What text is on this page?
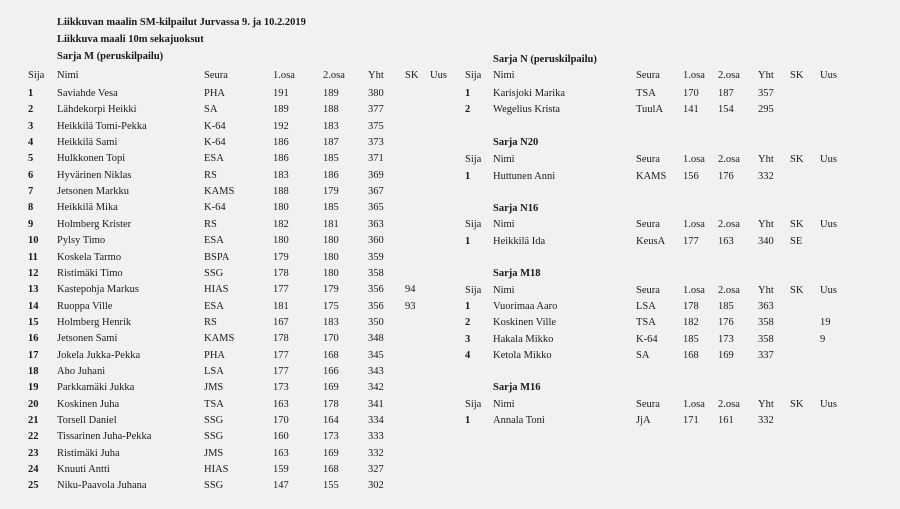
Liikkuvan maalin SM-kilpailut Jurvassa 9. ja 10.2.2019
Liikkuva maali 10m sekajuoksut
Sarja M (peruskilpailu)
Sija Nimi	Seura	1.osa	2.osa Yht SK Uus
1 Saviahde Vesa	PHA	191	189	380
2 Lähdekorpi Heikki	SA	189	188	377
3 Heikkilä Tomi-Pekka	K-64	192	183	375
4 Heikkilä Sami	K-64	186	187	373
5 Hulkkonen Topi	ESA	186	185	371
6 Hyvärinen Niklas	RS	183	186	369
7 Jetsonen Markku	KAMS	188	179	367
8 Heikkilä Mika	K-64	180	185	365
9 Holmberg Krister	RS	182	181	363
10 Pylsy Timo	ESA	180	180	360
11 Koskela Tarmo	BSPA	179	180	359
12 Ristimäki Timo	SSG	178	180	358
13 Kastepohja Markus	HIAS	177	179	356 94
14 Ruoppa Ville	ESA	181	175	356 93
15 Holmberg Henrik	RS	167	183	350
16 Jetsonen Sami	KAMS	178	170	348
17 Jokela Jukka-Pekka	PHA	177	168	345
18 Aho Juhani	LSA	177	166	343
19 Parkkamäki Jukka	JMS	173	169	342
20 Koskinen Juha	TSA	163	178	341
21 Torsell Daniel	SSG	170	164	334
22 Tissarinen Juha-Pekka	SSG	160	173	333
23 Ristimäki Juha	JMS	163	169	332
24 Knuuti Antti	HIAS	159	168	327
25 Niku-Paavola Juhana	SSG	147	155	302
Sarja N (peruskilpailu)
Sija Nimi	Seura 1.osa 2.osa Yht SK Uus
1 Karisjoki Marika	TSA	170 187 357
2 Wegelius Krista	TuulA 141 154 295
Sarja N20
Sija Nimi	Seura 1.osa 2.osa Yht SK Uus
1 Huttunen Anni	KAMS 156 176 332
Sarja N16
Sija Nimi	Seura 1.osa 2.osa Yht SK Uus
1 Heikkilä Ida	KeusA 177 163 340 SE
Sarja M18
Sija Nimi	Seura 1.osa 2.osa Yht SK Uus
1 Vuorimaa Aaro	LSA	178 185 363
2 Koskinen Ville	TSA	182 176 358	19
3 Hakala Mikko	K-64 185 173 358	9
4 Ketola Mikko	SA	168 169 337
Sarja M16
Sija Nimi	Seura 1.osa 2.osa Yht SK Uus
1 Annala Toni	JjA	171 161 332
